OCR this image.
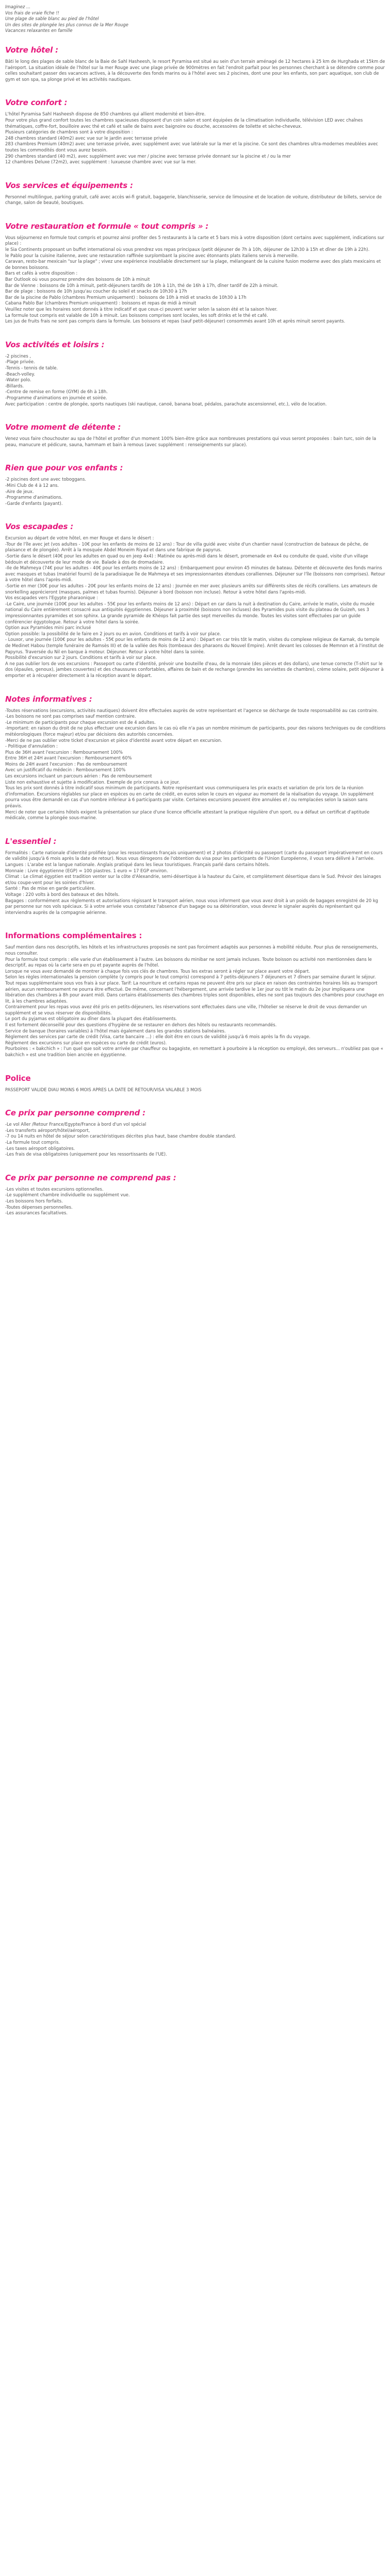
Imaginez ...

Vos frais de vraie fiche !!

Une plage de sable blanc au pied de l'hôtel

Un des sites de plongée les plus connus de la Mer Rouge

Vacances relaxantes en famille

Votre hôtel :

Bâti le long des plages de sable blanc de la Baie de Sahl Hasheesh, le resort Pyramisa est situé au sein d'un terrain aménagé de 12 hectares à 25 km de Hurghada et 15km de l'aéroport. La situation idéale de l'hôtel sur la mer Rouge avec une plage privée de 900mètres en fait l'endroit parfait pour les personnes cherchant à se détendre comme pour celles souhaitant passer des vacances actives, à la découverte des fonds marins ou à l'hôtel avec ses 2 piscines, dont une pour les enfants, son parc aquatique, son club de gym et son spa, sa plonge privé et les activités nautiques.

Votre confort :

L'hôtel Pyramisa Sahl Hasheesh dispose de 850 chambres qui allient modernité et bien-être.

Pour votre plus grand confort toutes les chambres spacieuses disposent d'un coin salon et sont équipées de la climatisation individuelle, télévision LED avec chaînes thématiques, coffre-fort, bouilloire avec thé et café et salle de bains avec baignoire ou douche, accessoires de toilette et sèche-cheveux.

Plusieurs catégories de chambres sont à votre disposition :

248 chambres standard (40m2) avec vue sur le jardin avec terrasse privée

283 chambres Premium (40m2) avec une terrasse privée, avec supplément avec vue latérale sur la mer et la piscine. Ce sont des chambres ultra-modernes meublées avec toutes les commodités dont vous aurez besoin.

290 chambres standard (40 m2), avec supplément avec vue mer / piscine avec terrasse privée donnant sur la piscine et / ou la mer

12 chambres Deluxe (72m2), avec supplément : luxueuse chambre avec vue sur la mer.

Vos services et équipements :

Personnel multilingue, parking gratuit, café avec accès wi-fi gratuit, bagagerie, blanchisserie, service de limousine et de location de voiture, distributeur de billets, service de change, salon de beauté, boutiques.

Votre restauration et formule « tout compris » :

Vous séjournerez en formule tout compris et pourrez ainsi profiter des 5 restaurants à la carte et 5 bars mis à votre disposition (dont certains avec supplément, indications sur place) :

le Sia Continents proposant un buffet international où vous prendrez vos repas principaux (petit déjeuner de 7h à 10h, déjeuner de 12h30 à 15h et dîner de 19h à 22h).

le Pablo pour la cuisine italienne, avec une restauration raffinée surplombant la piscine avec étonnants plats italiens servis à merveille.

Caravan, resto-bar mexicain "sur la plage" ; vivez une expérience inoubliable directement sur la plage, mélangeant de la cuisine fusion moderne avec des plats mexicains et de bonnes boissons.

Bars et cafés à votre disposition :

Bar Outlook où vous pourrez prendre des boissons de 10h à minuit

Bar de Vienne : boissons de 10h à minuit, petit-déjeuners tardifs de 10h à 11h, thé de 16h à 17h, dîner tardif de 22h à minuit.

Bar de plage : boissons de 10h jusqu'au coucher du soleil et snacks de 10h30 à 17h

Bar de la piscine de Pablo (chambres Premium uniquement) : boissons de 10h à midi et snacks de 10h30 à 17h

Cabana Pablo Bar (chambres Premium uniquement) : boissons et repas de midi à minuit

Veuillez noter que les horaires sont donnés à titre indicatif et que ceux-ci peuvent varier selon la saison été et la saison hiver.

La formule tout compris est valable de 10h à minuit. Les boissons comprises sont locales, les soft drinks et le thé et café.

Les jus de fruits frais ne sont pas compris dans la formule. Les boissons et repas (sauf petit-déjeuner) consommés avant 10h et après minuit seront payants.

Vos activités et loisirs :

-2 piscines ,

-Plage privée.

-Tennis - tennis de table.

-Beach-volley.

-Water polo.

-Billards.

-Centre de remise en forme (GYM) de 6h à 18h.

-Programme d'animations en journée et soirée.

Avec participation : centre de plongée, sports nautiques (ski nautique, canoë, banana boat, pédalos, parachute ascensionnel, etc.), vélo de location.

Votre moment de détente :

Venez vous faire chouchouter au spa de l'hôtel et profiter d'un moment 100% bien-être grâce aux nombreuses prestations qui vous seront proposées : bain turc, soin de la peau, manucure et pédicure, sauna, hammam et bain à remous (avec supplément : renseignements sur place).

Rien que pour vos enfants :

-2 piscines dont une avec toboggans.

-Mini Club de 4 à 12 ans.

-Aire de jeux.

-Programme d'animations.

-Garde d'enfants (payant).

Vos escapades :

Excursion au départ de votre hôtel, en mer Rouge et dans le désert :

-Tour de l'île avec jet (vos adultes - 10€ pour les enfants de moins de 12 ans) : Tour de villa guidé avec visite d'un chantier naval (construction de bateaux de pêche, de plaisance et de plongée). Arrêt à la mosquée Abdel Moneim Riyad et dans une fabrique de papyrus.

-Sortie dans le désert (40€ pour les adultes en quad ou en jeep 4x4) : Matinée ou après-midi dans le désert, promenade en 4x4 ou conduite de quad, visite d'un village bédouin et découverte de leur mode de vie. Balade à dos de dromadaire.

-Ile de Mahmeya (74€ pour les adultes - 40€ pour les enfants moins de 12 ans) : Embarquement pour environ 45 minutes de bateau. Détente et découverte des fonds marins avec masques et tubas (matériel fourni) de la paradisiaque île de Mahmeya et ses impressionnantes étendues coralliennes. Déjeuner sur l'île (boissons non comprises). Retour à votre hôtel dans l'après-midi.

-Sortie en mer (30€ pour les adultes - 20€ pour les enfants moins de 12 ans) : Journée en mer avec plusieurs arrêts sur différents sites de récifs coralliens. Les amateurs de snorkelling apprécieront (masques, palmes et tubas fournis). Déjeuner à bord (boisson non incluse). Retour à votre hôtel dans l'après-midi.

Vos escapades vers l'Egypte pharaonique :

-Le Caire, une journée (100€ pour les adultes - 55€ pour les enfants moins de 12 ans) : Départ en car dans la nuit à destination du Caire, arrivée le matin, visite du musée national du Caire entièrement consacré aux antiquités égyptiennes. Déjeuner à proximité (boissons non incluses) des Pyramides puis visite du plateau de Guizeh, ses 3 impressionnantes pyramides et son sphinx. La grande pyramide de Khéops fait partie des sept merveilles du monde. Toutes les visites sont effectuées par un guide conférencier égyptologue. Retour à votre hôtel dans la soirée.

Option aux Pyramides mini parc inclusé

Option possible: la possibilité de le faire en 2 jours ou en avion. Conditions et tarifs à voir sur place.

- Louxor, une journée (100€ pour les adultes - 55€ pour les enfants de moins de 12 ans) : Départ en car très tôt le matin, visites du complexe religieux de Karnak, du temple de Medinet Habou (temple funéraire de Ramsès III) et de la vallée des Rois (tombeaux des pharaons du Nouvel Empire). Arrêt devant les colosses de Memnon et à l'institut de Papyrus. Traversée du Nil en barque à moteur. Déjeuner. Retour à votre hôtel dans la soirée.

Possibilité d'excursion sur 2 jours. Conditions et tarifs à voir sur place.

A ne pas oublier lors de vos excursions : Passeport ou carte d'identité, prévoir une bouteille d'eau, de la monnaie (des pièces et des dollars), une tenue correcte (T-shirt sur le dos (épaules, genoux), jambes couvertes) et des chaussures confortables, affaires de bain et de rechange (prendre les serviettes de chambre), crème solaire, petit déjeuner à emporter et à récupérer directement à la réception avant le départ.

Notes informatives :

-Toutes réservations (excursions, activités nautiques) doivent être effectuées auprès de votre représentant et l'agence se décharge de toute responsabilité au cas contraire.

-Les boissons ne sont pas comprises sauf mention contraire.

-Le minimum de participants pour chaque excursion est de 4 adultes.

-Important: en raison du droit de ne plus effectuer une excursion dans le cas où elle n'a pas un nombre minimum de participants, pour des raisons techniques ou de conditions météorologiques (force majeur) et/ou par décisions des autorités concernées.

-Merci de ne pas oublier votre ticket d'excursion et pièce d'identité avant votre départ en excursion.

- Politique d'annulation :

Plus de 36H avant l'excursion : Remboursement 100%

Entre 36H et 24H avant l'excursion : Remboursement 60%

Moins de 24H avant l'excursion : Pas de remboursement

Avec un justificatif du médecin : Remboursement 100%

Les excursions incluant un parcours aérien : Pas de remboursement

Liste non exhaustive et sujette à modification. Exemple de prix connus à ce jour.

Tous les prix sont donnés à titre indicatif sous minimum de participants. Notre représentant vous communiquera les prix exacts et variation de prix lors de la réunion d'information. Excursions réglables sur place en espèces ou en carte de crédit, en euros selon le cours en vigueur au moment de la réalisation du voyage. Un supplément pourra vous être demandé en cas d'un nombre inférieur à 6 participants par visite. Certaines excursions peuvent être annulées et / ou remplacées selon la saison sans préavis.

Merci de noter que certains hôtels exigent la présentation sur place d'une licence officielle attestant la pratique régulière d'un sport, ou a défaut un certificat d'aptitude médicale, comme la plongée sous-marine.

L'essentiel :

Formalités : Carte nationale d'identité prolifiée (pour les ressortissants français uniquement) et 2 photos d'identité ou passeport (carte du passeport impérativement en cours de validité jusqu'à 6 mois après la date de retour). Nous vous dérogeons de l'obtention du visa pour les participants de l'Union Européenne, il vous sera délivré à l'arrivée.

Langues : L'arabe est la langue nationale. Anglais pratiqué dans les lieux touristiques. Français parlé dans certains hôtels.

Monnaie : Livre égyptienne (EGP) = 100 piastres. 1 euro = 17 EGP environ.

Climat : Le climat égyptien est tradition venter sur la côte d'Alexandrie, semi-désertique à la hauteur du Caire, et complètement désertique dans le Sud. Prévoir des lainages et/ou coupe-vent pour les soirées d'hiver.

Santé : Pas de mise en garde particulière.

Voltage : 220 volts à bord des bateaux et des hôtels.

Bagages : conformément aux règlements et autorisations régissant le transport aérien, nous vous informent que vous avez droit à un poids de bagages enregistré de 20 kg par personne sur nos vols spéciaux. Si à votre arrivée vous constatez l'absence d'un bagage ou sa détérioration, vous devrez le signaler auprès du représentant qui interviendra auprès de la compagnie aérienne.

Informations complémentaires :

Sauf mention dans nos descriptifs, les hôtels et les infrastructures proposés ne sont pas forcément adaptés aux personnes à mobilité réduite. Pour plus de renseignements, nous consulter.

Pour la formule tout compris : elle varie d'un établissement à l'autre. Les boissons du minibar ne sont jamais incluses. Toute boisson ou activité non mentionnées dans le descriptif, au repas où la carte sera en pu et payante auprès de l'hôtel.

Lorsque ne vous avez demandé de montrer à chaque fois vos clés de chambres. Tous les extras seront à régler sur place avant votre départ.

Selon les règles internationales la pension complète (y compris pour le tout compris) correspond à 7 petits-déjeuners 7 déjeuners et 7 dîners par semaine durant le séjour. Tout repas supplémentaire sous vos frais à sur place. Tarif: La nourriture et certains repas ne peuvent être pris sur place en raison des contraintes horaires liés au transport aérien, aucun remboursement ne pourra être effectué. De même, concernant l'hébergement, une arrivée tardive le 1er jour ou tôt le matin du 2e jour impliquera une libération des chambres à 8h pour avant midi. Dans certains établissements des chambres triples sont disponibles, elles ne sont pas toujours des chambres pour couchage en lit, à les chambres adaptées.

Contrairement pour les repas vous avez été pris en petits-déjeuners, les réservations sont effectuées dans une ville, l'hôtelier se réserve le droit de vous demander un supplément et se vous réserver de disponibilités.

Le port du pyjamas est obligatoire au dîner dans la plupart des établissements.

Il est fortement déconseillé pour des questions d'hygiène de se restaurer en dehors des hôtels ou restaurants recommandés.

Service de banque (horaires variables) à l'hôtel mais également dans les grandes stations balnéaires.

Règlement des services par carte de crédit (Visa, carte bancaire ...) : elle doit être en cours de validité jusqu'à 6 mois après la fin du voyage.

Règlement des excursions sur place en espèces ou carte de crédit (euros).

Pourboires : « bakchich » : l'un quel que soit votre arrivée par chauffeur ou bagagiste, en remettant à pourboire à la réception ou employé, des serveurs... n'oubliez pas que « bakchich » est une tradition bien ancrée en égyptienne.

Police

PASSEPORT VALIDE DIAU MOINS 6 MOIS APRES LA DATE DE RETOUR/VISA VALABLE 3 MOIS

Ce prix par personne comprend :

-Le vol Aller /Retour France/Egypte/France à bord d'un vol spécial

-Les transferts aéroport/hôtel/aéroport,

-7 ou 14 nuits en hôtel de séjour selon caractéristiques décrites plus haut, base chambre double standard.

-La formule tout compris.

-Les taxes aéroport obligatoires.

-Les frais de visa obligatoires (uniquement pour les ressortissants de l'UE).

Ce prix par personne ne comprend pas :

-Les visites et toutes excursions optionnelles.

-Le supplément chambre individuelle ou supplément vue.

-Les boissons hors forfaits.

-Toutes dépenses personnelles.

-Les assurances facultatives.
